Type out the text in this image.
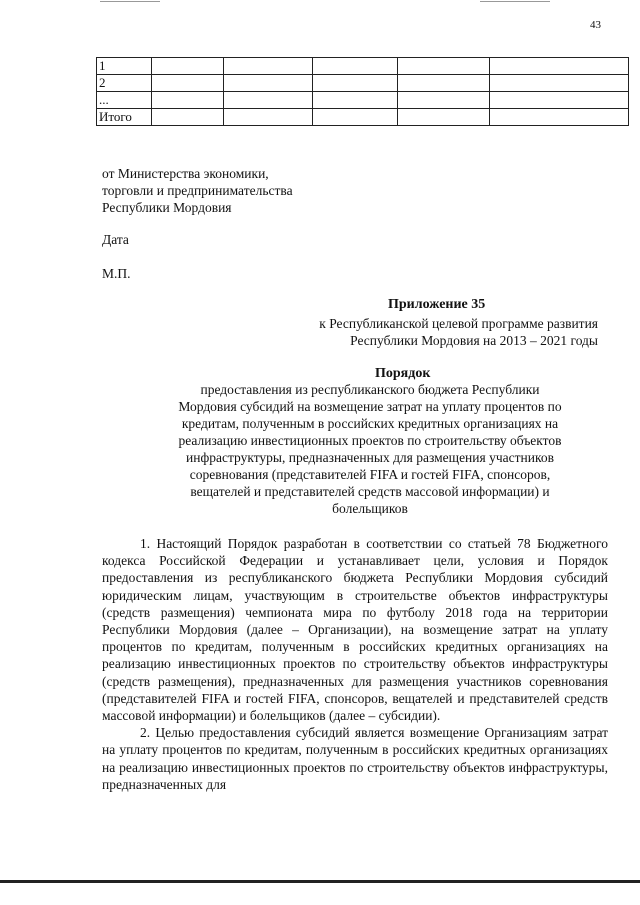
43
1					
2					
...					
Итого					
от Министерства экономики,
торговли и предпринимательства
Республики Мордовия
Дата
М.П.
Приложение 35
к Республиканской целевой программе развития
Республики Мордовия на 2013 – 2021 годы
Порядок
предоставления из республиканского бюджета Республики
Мордовия субсидий на возмещение затрат на уплату процентов по
кредитам, полученным в российских кредитных организациях на
реализацию инвестиционных проектов по строительству объектов
инфраструктуры, предназначенных для размещения участников
соревнования (представителей FIFA и гостей FIFA, спонсоров,
вещателей и представителей средств массовой информации) и
болельщиков

1. Настоящий Порядок разработан в соответствии со статьей 78 Бюджетного кодекса Российской Федерации и устанавливает цели, условия и Порядок предоставления из республиканского бюджета Республики Мордовия субсидий юридическим лицам, участвующим в строительстве объектов инфраструктуры (средств размещения) чемпионата мира по футболу 2018 года на территории Республики Мордовия (далее – Организации), на возмещение затрат на уплату процентов по кредитам, полученным в российских кредитных организациях на реализацию инвестиционных проектов по строительству объектов инфраструктуры (средств размещения), предназначенных для размещения участников соревнования (представителей FIFA и гостей FIFA, спонсоров, вещателей и представителей средств массовой информации) и болельщиков (далее – субсидии).

2. Целью предоставления субсидий является возмещение Организациям затрат на уплату процентов по кредитам, полученным в российских кредитных организациях на реализацию инвестиционных проектов по строительству объектов инфраструктуры, предназначенных для
